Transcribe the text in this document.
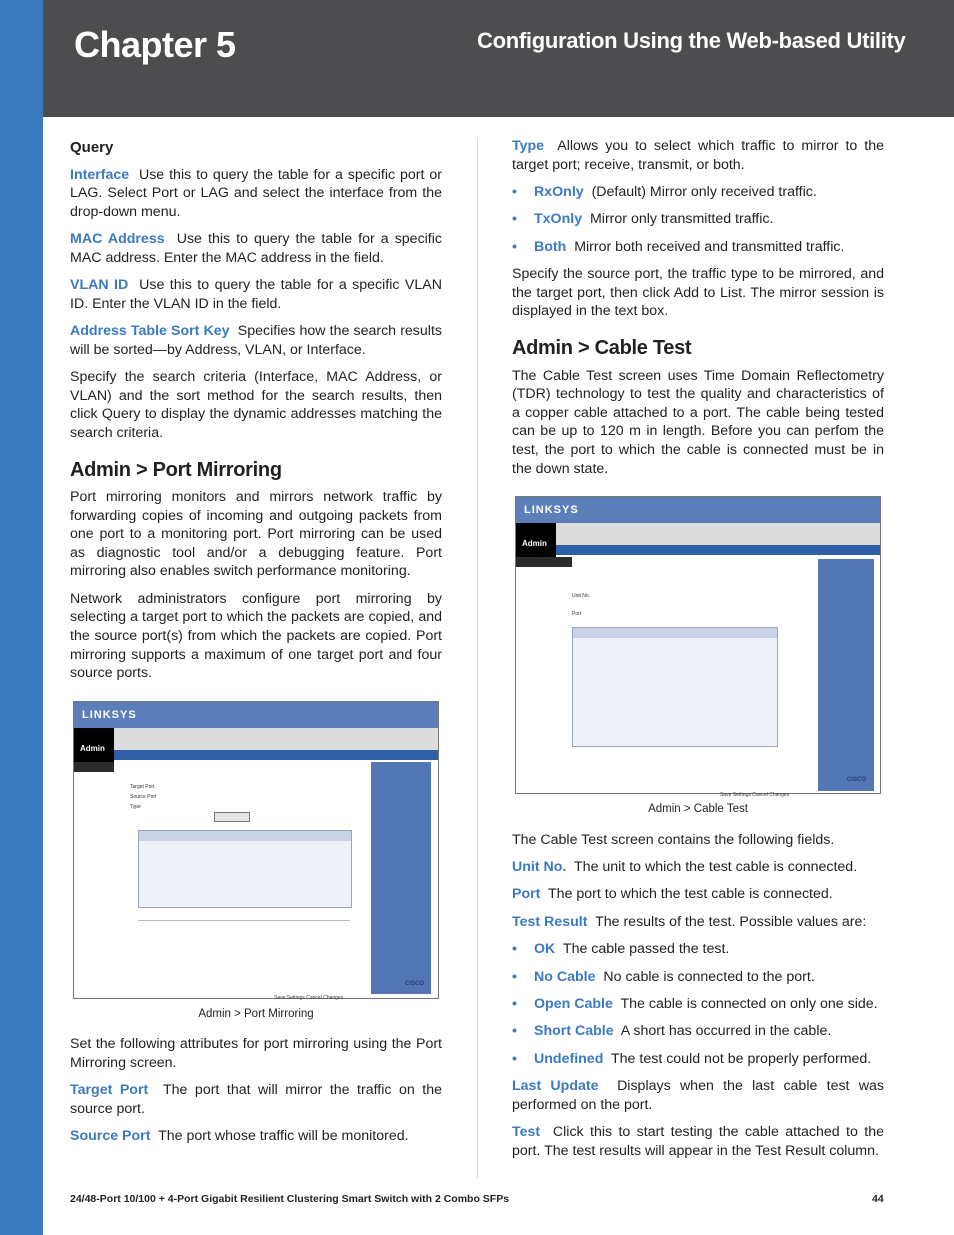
Chapter 5	Configuration Using the Web-based Utility
Query

Interface Use this to query the table for a specific port or LAG. Select Port or LAG and select the interface from the drop-down menu.

MAC Address Use this to query the table for a specific MAC address. Enter the MAC address in the field.

VLAN ID Use this to query the table for a specific VLAN ID. Enter the VLAN ID in the field.

Address Table Sort Key Specifies how the search results will be sorted—by Address, VLAN, or Interface.

Specify the search criteria (Interface, MAC Address, or VLAN) and the sort method for the search results, then click Query to display the dynamic addresses matching the search criteria.

Admin > Port Mirroring

Port mirroring monitors and mirrors network traffic by forwarding copies of incoming and outgoing packets from one port to a monitoring port. Port mirroring can be used as diagnostic tool and/or a debugging feature. Port mirroring also enables switch performance monitoring.

Network administrators configure port mirroring by selecting a target port to which the packets are copied, and the source port(s) from which the packets are copied. Port mirroring supports a maximum of one target port and four source ports.

LINKSYS
Admin
Target Port
Source Port
Type
Save Settings Cancel Changes
CISCO
Admin > Port Mirroring

Set the following attributes for port mirroring using the Port Mirroring screen.

Target Port The port that will mirror the traffic on the source port.

Source Port The port whose traffic will be monitored.

Type Allows you to select which traffic to mirror to the target port; receive, transmit, or both.

• RxOnly (Default) Mirror only received traffic.
• TxOnly Mirror only transmitted traffic.
• Both Mirror both received and transmitted traffic.

Specify the source port, the traffic type to be mirrored, and the target port, then click Add to List. The mirror session is displayed in the text box.

Admin > Cable Test

The Cable Test screen uses Time Domain Reflectometry (TDR) technology to test the quality and characteristics of a copper cable attached to a port. The cable being tested can be up to 120 m in length. Before you can perfom the test, the port to which the cable is connected must be in the down state.

LINKSYS
Admin
Unit No.
Port
Save Settings Cancel Changes
CISCO
Admin > Cable Test

The Cable Test screen contains the following fields.

Unit No. The unit to which the test cable is connected.

Port The port to which the test cable is connected.

Test Result The results of the test. Possible values are:

• OK The cable passed the test.
• No Cable No cable is connected to the port.
• Open Cable The cable is connected on only one side.
• Short Cable A short has occurred in the cable.
• Undefined The test could not be properly performed.

Last Update Displays when the last cable test was performed on the port.

Test Click this to start testing the cable attached to the port. The test results will appear in the Test Result column.

24/48-Port 10/100 + 4-Port Gigabit Resilient Clustering Smart Switch with 2 Combo SFPs	44
